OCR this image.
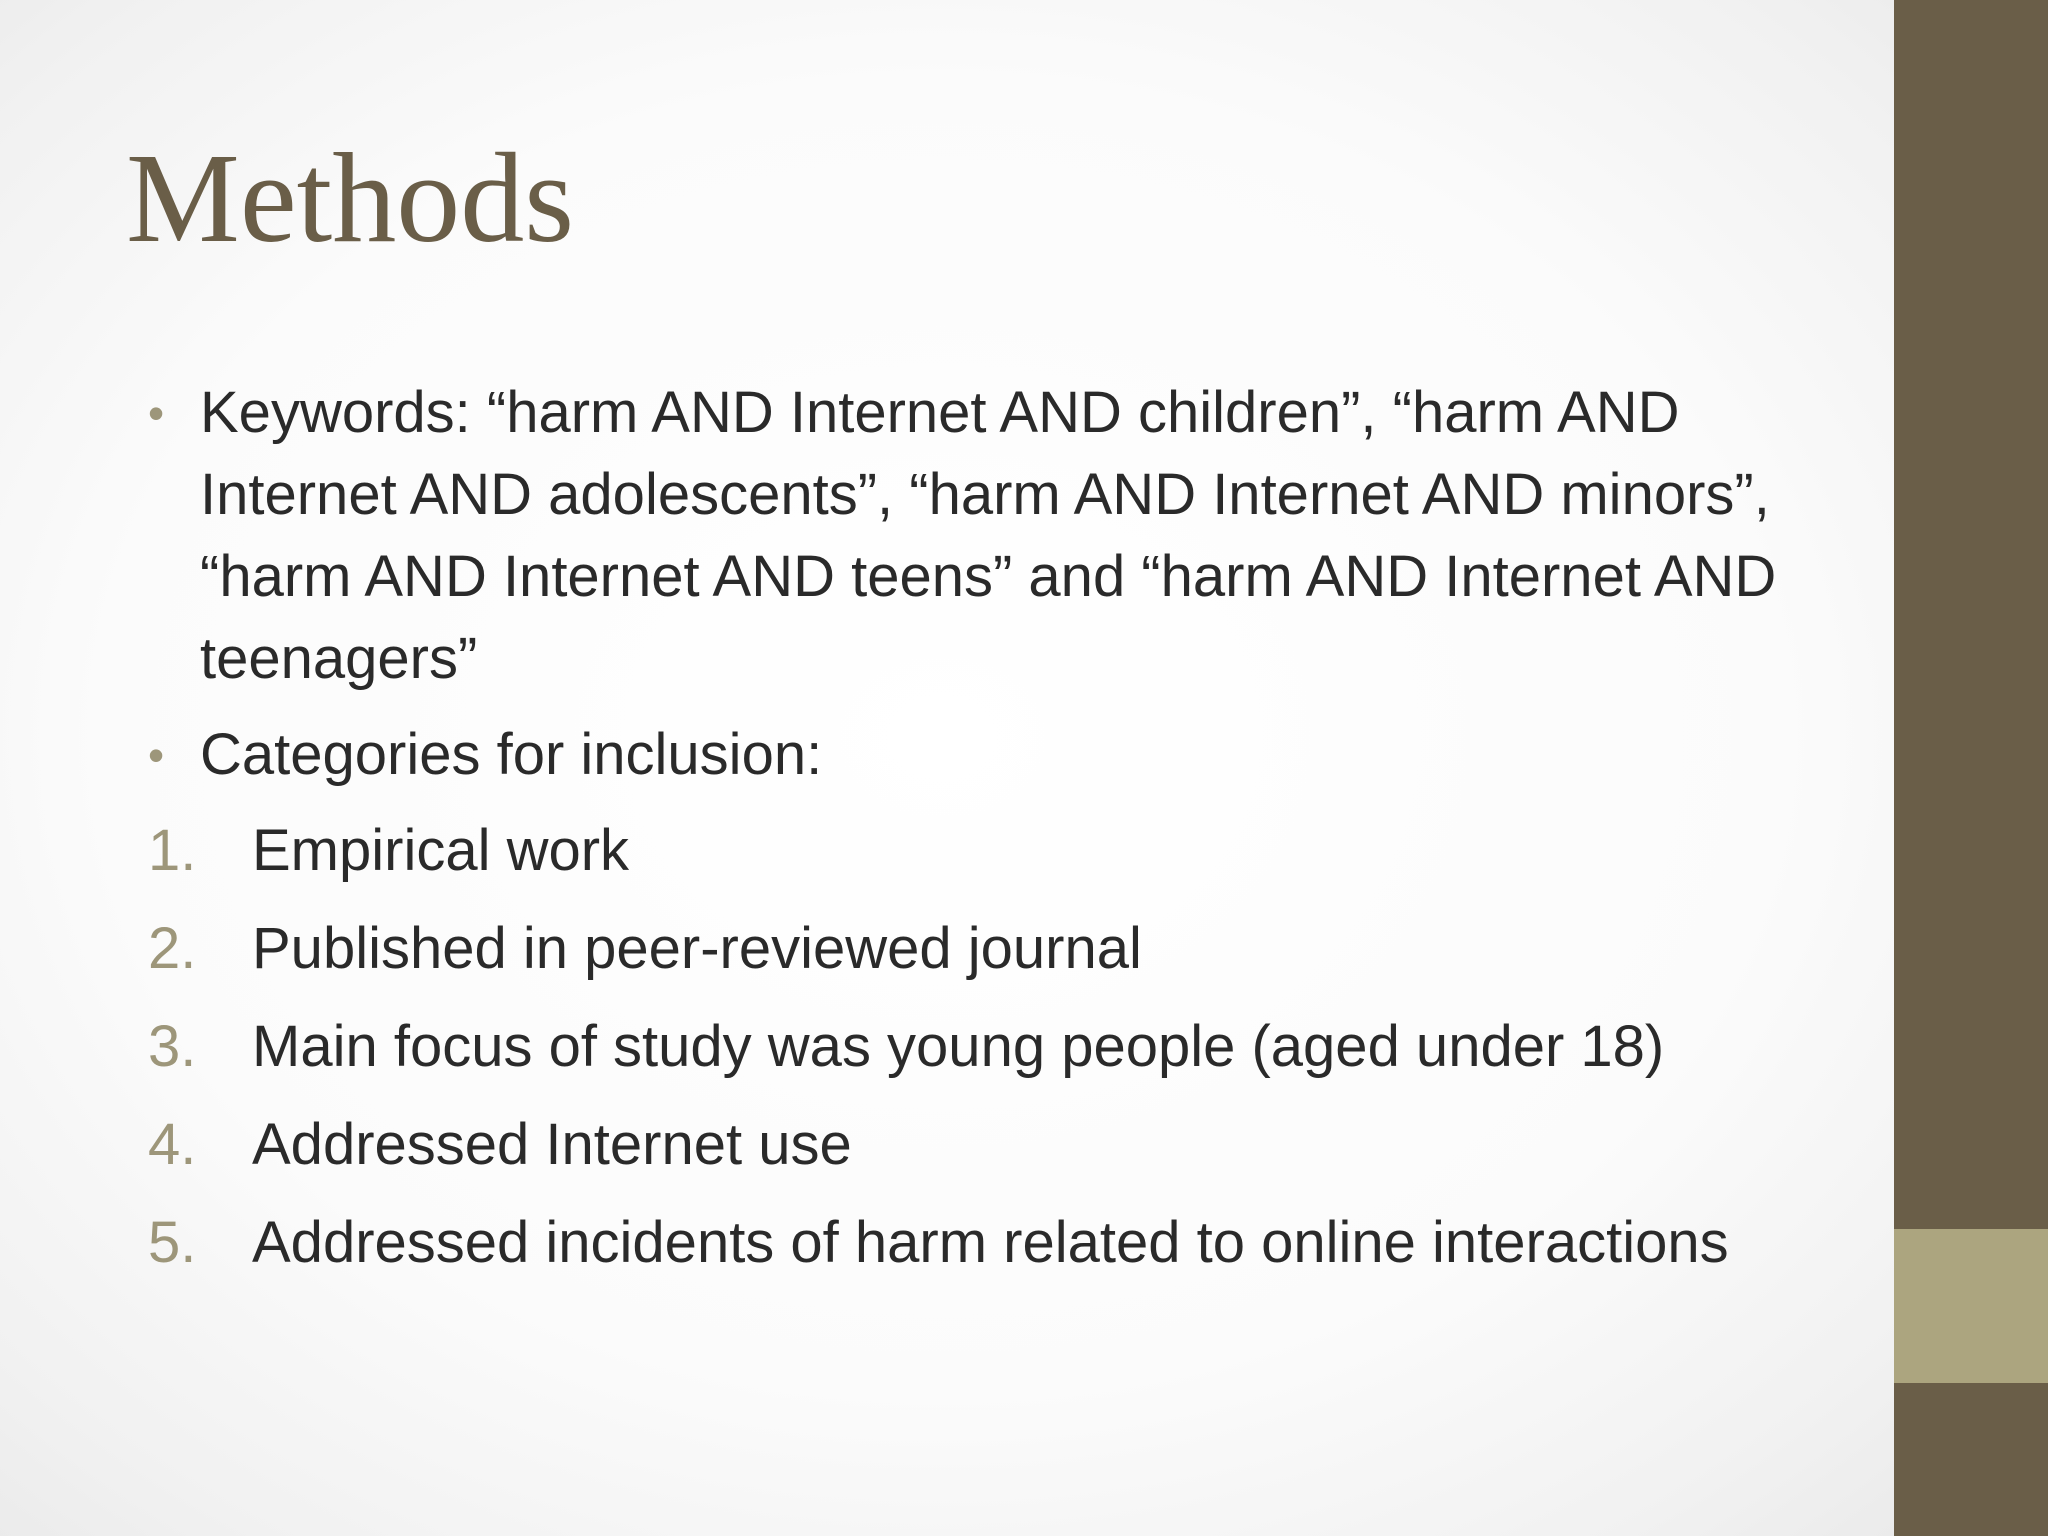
Methods
• Keywords: “harm AND Internet AND children”, “harm AND Internet AND adolescents”, “harm AND Internet AND minors”, “harm AND Internet AND teens” and “harm AND Internet AND teenagers”
• Categories for inclusion:
1. Empirical work
2. Published in peer-reviewed journal
3. Main focus of study was young people (aged under 18)
4. Addressed Internet use
5. Addressed incidents of harm related to online interactions
